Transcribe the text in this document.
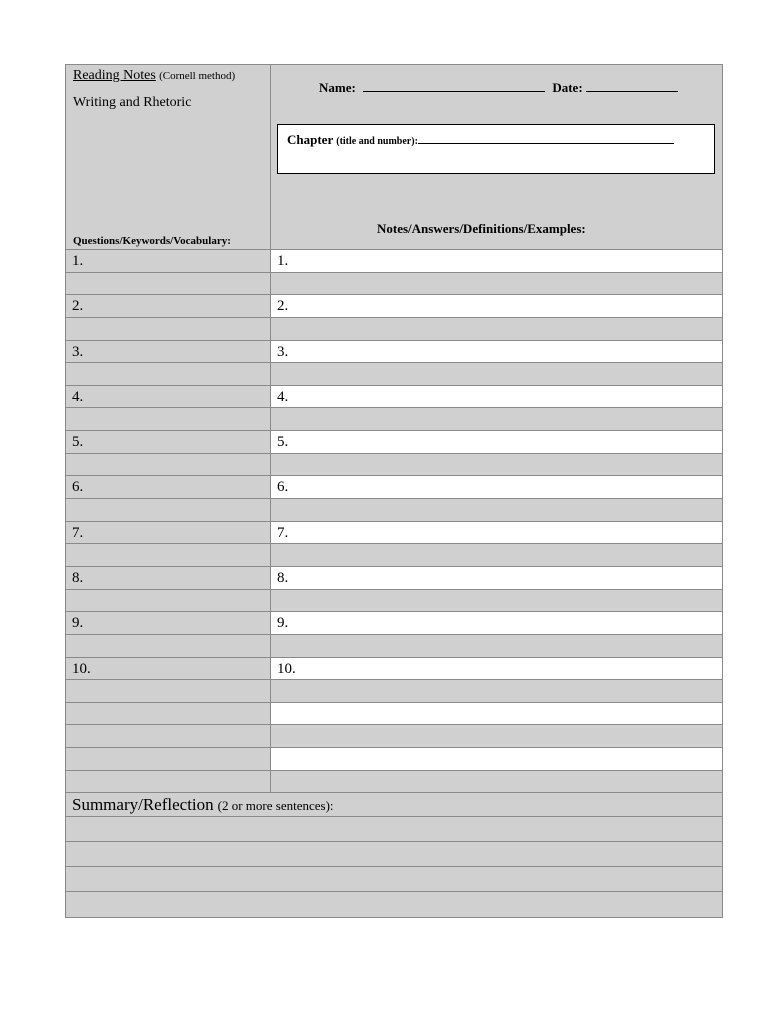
Reading Notes (Cornell method)
Writing and Rhetoric
Questions/Keywords/Vocabulary:
Name:	Date:
Chapter (title and number):
Notes/Answers/Definitions/Examples:
1.	1.
2.	2.
3.	3.
4.	4.
5.	5.
6.	6.
7.	7.
8.	8.
9.	9.
10.	10.
Summary/Reflection (2 or more sentences):
